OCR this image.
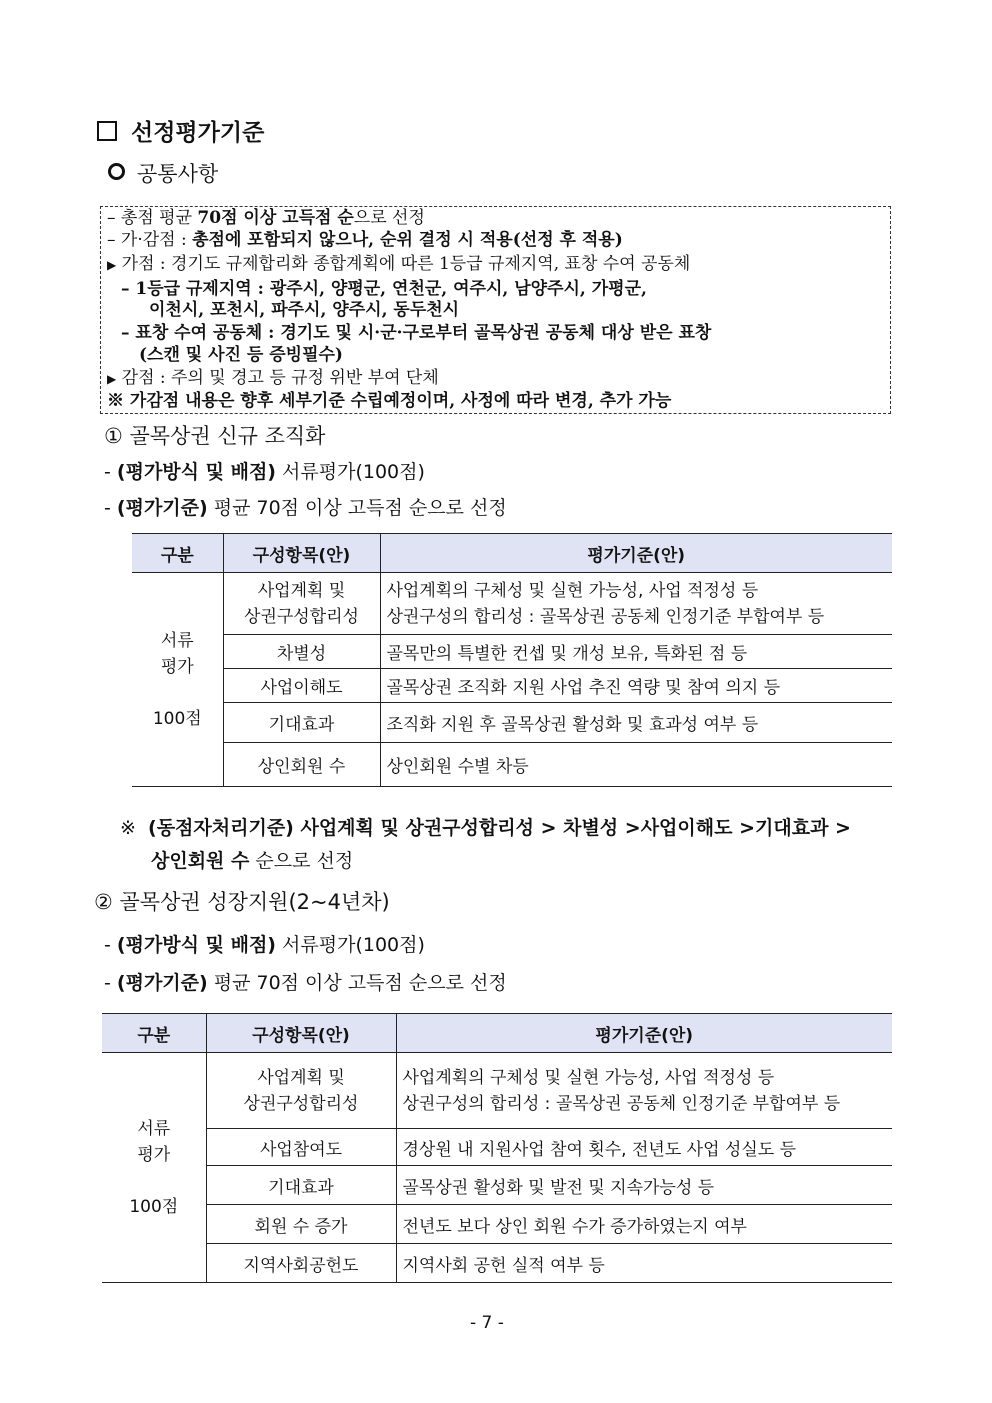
선정평가기준
공통사항
– 총점 평균 70점 이상 고득점 순으로 선정
– 가·감점 : 총점에 포함되지 않으나, 순위 결정 시 적용(선정 후 적용)
▶ 가점 : 경기도 규제합리화 종합계획에 따른 1등급 규제지역, 표창 수여 공동체
– 1등급 규제지역 : 광주시, 양평군, 연천군, 여주시, 남양주시, 가평군,
이천시, 포천시, 파주시, 양주시, 동두천시
– 표창 수여 공동체 : 경기도 및 시·군·구로부터 골목상권 공동체 대상 받은 표창
(스캔 및 사진 등 증빙필수)
▶ 감점 : 주의 및 경고 등 규정 위반 부여 단체
※ 가감점 내용은 향후 세부기준 수립예정이며, 사정에 따라 변경, 추가 가능
① 골목상권 신규 조직화
- (평가방식 및 배점) 서류평가(100점)
- (평가기준) 평균 70점 이상 고득점 순으로 선정
구분	구성항목(안)	평가기준(안)
서류
평가

100점	사업계획 및
상권구성합리성	사업계획의 구체성 및 실현 가능성, 사업 적정성 등
상권구성의 합리성 : 골목상권 공동체 인정기준 부합여부 등
	차별성	골목만의 특별한 컨셉 및 개성 보유, 특화된 점 등
	사업이해도	골목상권 조직화 지원 사업 추진 역량 및 참여 의지 등
	기대효과	조직화 지원 후 골목상권 활성화 및 효과성 여부 등
	상인회원 수	상인회원 수별 차등
※ (동점자처리기준) 사업계획 및 상권구성합리성 > 차별성 >사업이해도 >기대효과 >
상인회원 수 순으로 선정
② 골목상권 성장지원(2~4년차)
- (평가방식 및 배점) 서류평가(100점)
- (평가기준) 평균 70점 이상 고득점 순으로 선정
구분	구성항목(안)	평가기준(안)
서류
평가

100점	사업계획 및
상권구성합리성	사업계획의 구체성 및 실현 가능성, 사업 적정성 등
상권구성의 합리성 : 골목상권 공동체 인정기준 부합여부 등
	사업참여도	경상원 내 지원사업 참여 횟수, 전년도 사업 성실도 등
	기대효과	골목상권 활성화 및 발전 및 지속가능성 등
	회원 수 증가	전년도 보다 상인 회원 수가 증가하였는지 여부
	지역사회공헌도	지역사회 공헌 실적 여부 등
- 7 -
